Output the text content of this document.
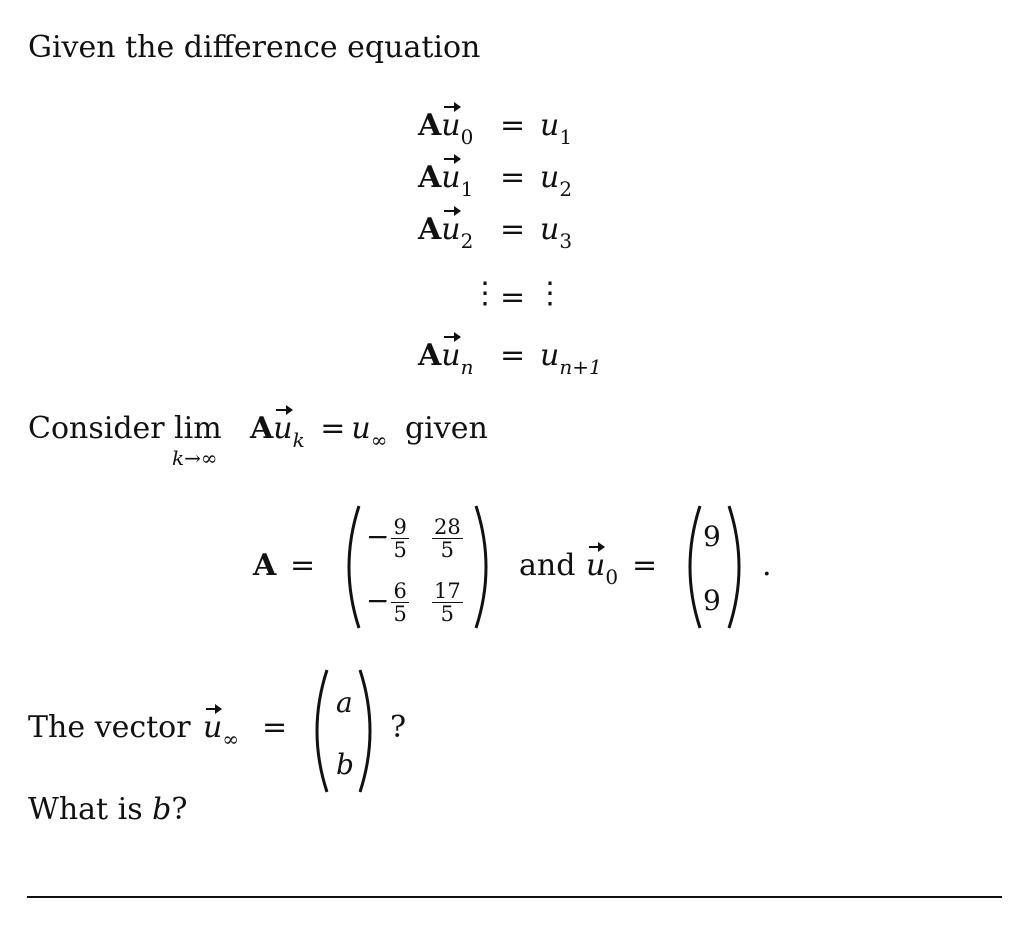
Given the difference equation
$Au_0 = u_1$
$Au_1 = u_2$
$Au_2 = u_3$
⋮ = ⋮
$Au_n = u_{n+1}$
Consider lim
k→∞
$Au_k = u_\infty$ given
A =
− $\frac{9}{5} \frac{28}{5}$
− $\frac{6}{5} \frac{17}{5}$
and $u_0$ =
9
9
.
The vector $u_\infty$ =
a
b
?
What is b?
